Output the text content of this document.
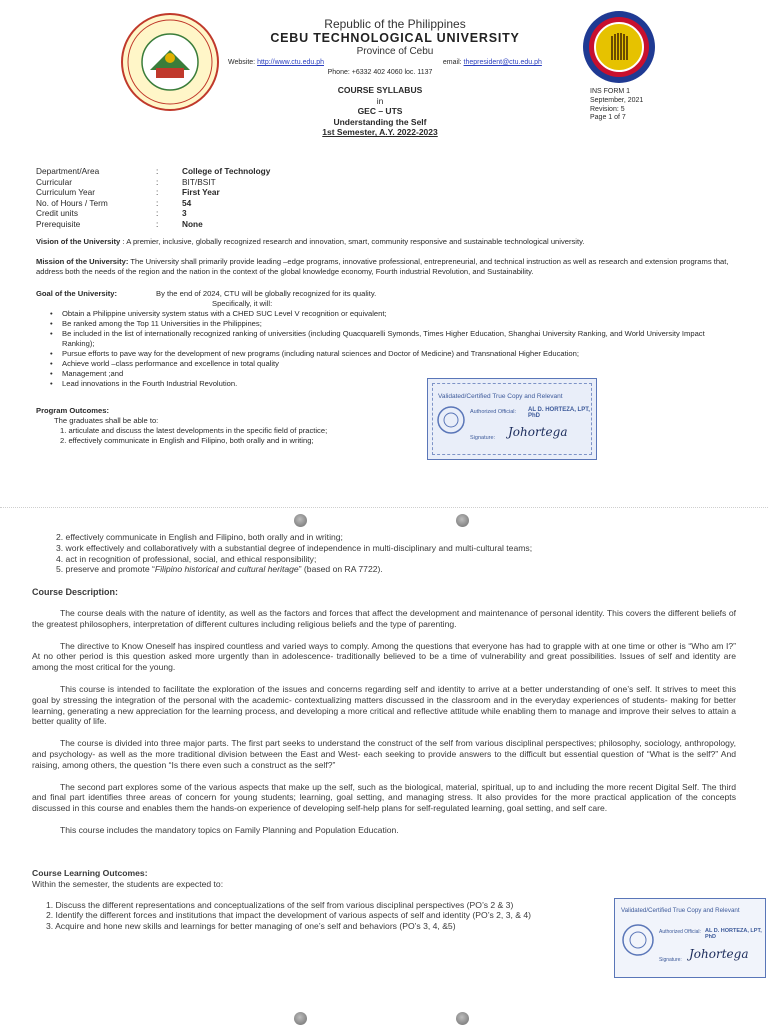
Republic of the Philippines
CEBU TECHNOLOGICAL UNIVERSITY
Province of Cebu
Website: http://www.ctu.edu.ph	email: thepresident@ctu.edu.ph
Phone: +6332 402 4060 loc. 1137
COURSE SYLLABUS
in
GEC – UTS
Understanding the Self
1st Semester, A.Y. 2022-2023
INS FORM 1
September, 2021
Revision: 5
Page 1 of 7
Department/Area	:	College of Technology
Curricular	:	BIT/BSIT
Curriculum Year	:	First Year
No. of Hours / Term	:	54
Credit units	:	3
Prerequisite	:	None
Vision of the University : A premier, inclusive, globally recognized research and innovation, smart, community responsive and sustainable technological university.
Mission of the University: The University shall primarily provide leading –edge programs, innovative professional, entrepreneurial, and technical instruction as well as research and extension programs that, address both the needs of the region and the nation in the context of the global knowledge economy, Fourth industrial Revolution, and Sustainability.
Goal of the University:	By the end of 2024, CTU will be globally recognized for its quality.
Specifically, it will:
• Obtain a Philippine university system status with a CHED SUC Level V recognition or equivalent;
• Be ranked among the Top 11 Universities in the Philippines;
• Be included in the list of internationally recognized ranking of universities (including Quacquarelli Symonds, Times Higher Education, Shanghai University Ranking, and World University Impact Ranking);
• Pursue efforts to pave way for the development of new programs (including natural sciences and Doctor of Medicine) and Transnational Higher Education;
• Achieve world –class performance and excellence in total quality
• Management ;and
• Lead innovations in the Fourth Industrial Revolution.
Program Outcomes:
The graduates shall be able to:
1. articulate and discuss the latest developments in the specific field of practice;
2. effectively communicate in English and Filipino, both orally and in writing;
Validated/Certified True Copy and Relevant
Authorized Official: AL D. HORTEZA, LPT, PhD
Signature: Johortega
2. effectively communicate in English and Filipino, both orally and in writing;
3. work effectively and collaboratively with a substantial degree of independence in multi-disciplinary and multi-cultural teams;
4. act in recognition of professional, social, and ethical responsibility;
5. preserve and promote “Filipino historical and cultural heritage” (based on RA 7722).
Course Description:

The course deals with the nature of identity, as well as the factors and forces that affect the development and maintenance of personal identity. This covers the different beliefs of the greatest philosophers, interpretation of different cultures including religious beliefs and the type of parenting.

The directive to Know Oneself has inspired countless and varied ways to comply. Among the questions that everyone has had to grapple with at one time or other is “Who am I?” At no other period is this question asked more urgently than in adolescence- traditionally believed to be a time of vulnerability and great possibilities. Issues of self and identity are among the most critical for the young.

This course is intended to facilitate the exploration of the issues and concerns regarding self and identity to arrive at a better understanding of one’s self. It strives to meet this goal by stressing the integration of the personal with the academic- contextualizing matters discussed in the classroom and in the everyday experiences of students- making for better learning, generating a new appreciation for the learning process, and developing a more critical and reflective attitude while enabling them to manage and improve their selves to attain a better quality of life.

The course is divided into three major parts. The first part seeks to understand the construct of the self from various disciplinal perspectives; philosophy, sociology, anthropology, and psychology- as well as the more traditional division between the East and West- each seeking to provide answers to the difficult but essential question of “What is the self?” And raising, among others, the question “Is there even such a construct as the self?”

The second part explores some of the various aspects that make up the self, such as the biological, material, spiritual, up to and including the more recent Digital Self. The third and final part identifies three areas of concern for young students; learning, goal setting, and managing stress. It also provides for the more practical application of the concepts discussed in this course and enables them the hands-on experience of developing self-help plans for self-regulated learning, goal setting, and self care.

This course includes the mandatory topics on Family Planning and Population Education.

Course Learning Outcomes:
Within the semester, the students are expected to:
1. Discuss the different representations and conceptualizations of the self from various disciplinal perspectives (PO’s 2 & 3)
2. Identify the different forces and institutions that impact the development of various aspects of self and identity (PO’s 2, 3, & 4)
3. Acquire and hone new skills and learnings for better managing of one’s self and behaviors (PO’s 3, 4, &5)
Validated/Certified True Copy and Relevant
Authorized Official: AL D. HORTEZA, LPT, PhD
Signature: Johortega
